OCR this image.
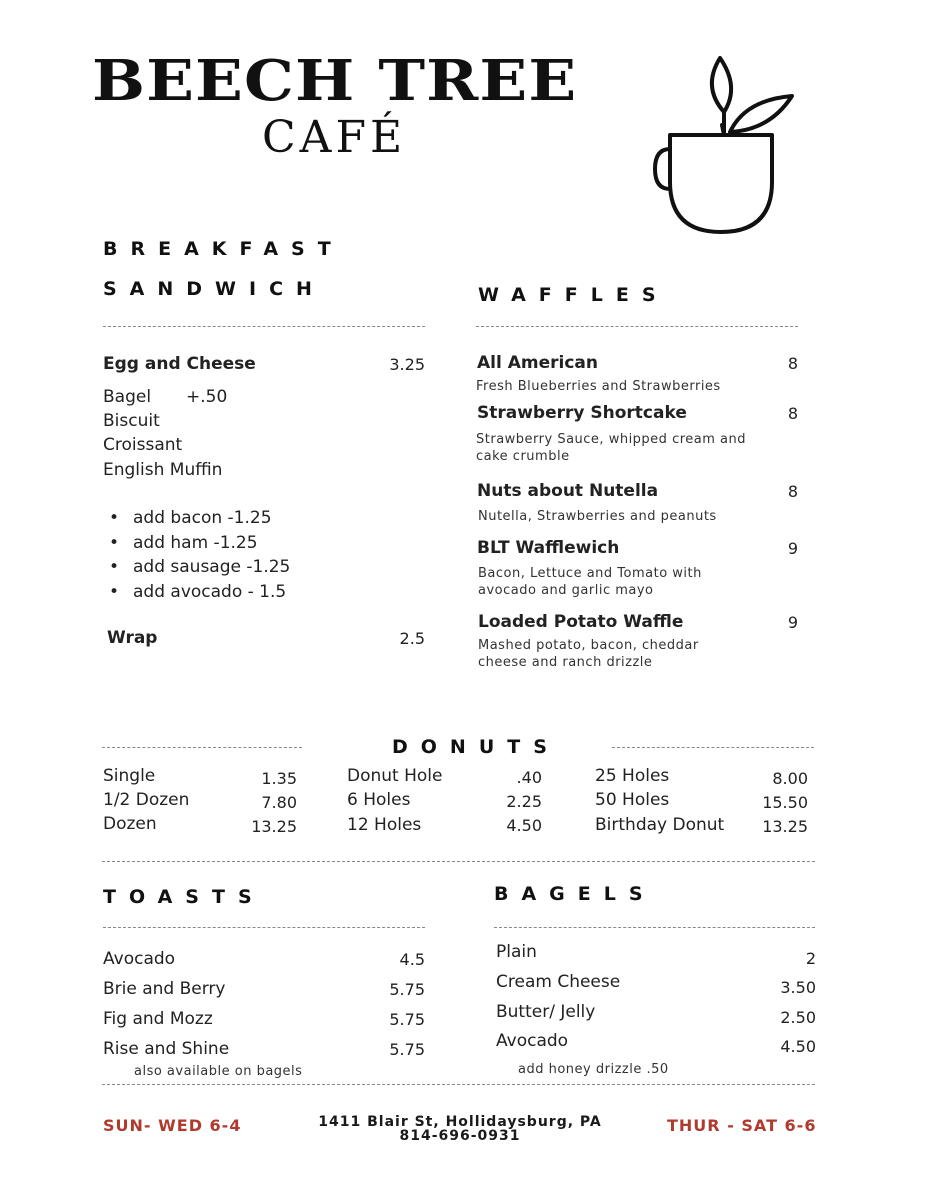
BEECH TREE
CAFÉ
BREAKFAST
SANDWICH
Egg and Cheese	3.25
Bagel +.50
Biscuit
Croissant
English Muffin
• add bacon -1.25
• add ham -1.25
• add sausage -1.25
• add avocado - 1.5
Wrap	2.5
WAFFLES
All American	8
Fresh Blueberries and Strawberries
Strawberry Shortcake	8
Strawberry Sauce, whipped cream and cake crumble
Nuts about Nutella	8
Nutella, Strawberries and peanuts
BLT Wafflewich	9
Bacon, Lettuce and Tomato with avocado and garlic mayo
Loaded Potato Waffle	9
Mashed potato, bacon, cheddar cheese and ranch drizzle
DONUTS
Single	1.35
1/2 Dozen	7.80
Dozen	13.25
Donut Hole	.40
6 Holes	2.25
12 Holes	4.50
25 Holes	8.00
50 Holes	15.50
Birthday Donut	13.25
TOASTS
Avocado	4.5
Brie and Berry	5.75
Fig and Mozz	5.75
Rise and Shine	5.75
also available on bagels
BAGELS
Plain	2
Cream Cheese	3.50
Butter/ Jelly	2.50
Avocado	4.50
add honey drizzle .50
SUN- WED 6-4	1411 Blair St, Hollidaysburg, PA
814-696-0931
THUR - SAT 6-6
